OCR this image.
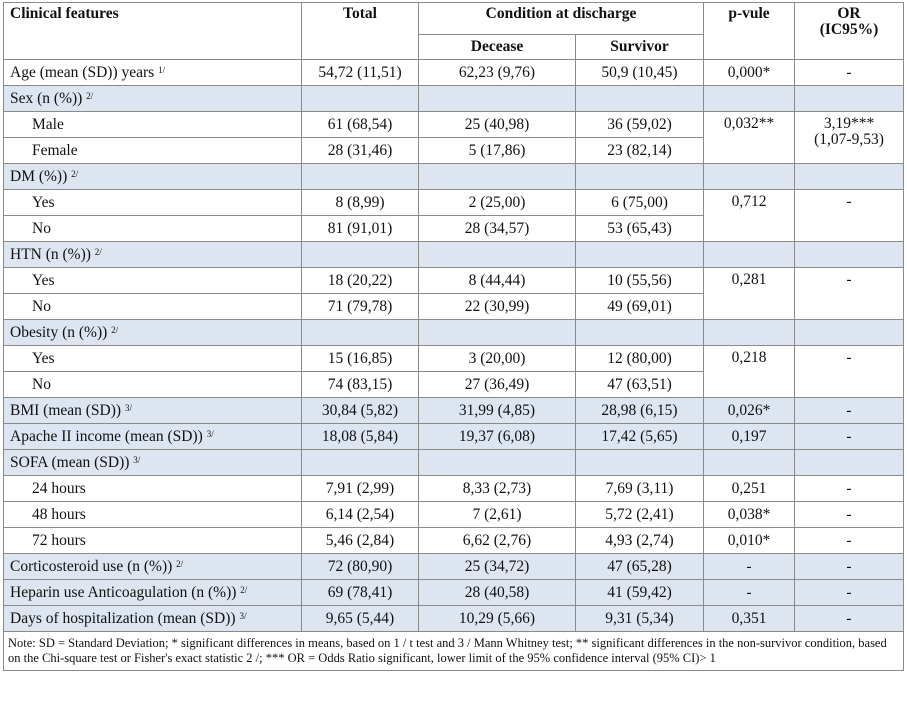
Clinical features	Total	Condition at discharge		p-vule	OR
(IC95%)
		Decease	Survivor		
Age (mean (SD)) years $^{1/}$	54,72 (11,51)	62,23 (9,76)	50,9 (10,45)	0,000*	-
Sex (n (%)) $^{2/}$					
Male	61 (68,54)	25 (40,98)	36 (59,02)	0,032**	3,19***
(1,07-9,53)
Female	28 (31,46)	5 (17,86)	23 (82,14)		
DM (%)) $^{2/}$					
Yes	8 (8,99)	2 (25,00)	6 (75,00)	0,712	-
No	81 (91,01)	28 (34,57)	53 (65,43)		
HTN (n (%)) $^{2/}$					
Yes	18 (20,22)	8 (44,44)	10 (55,56)	0,281	-
No	71 (79,78)	22 (30,99)	49 (69,01)		
Obesity (n (%)) $^{2/}$					
Yes	15 (16,85)	3 (20,00)	12 (80,00)	0,218	-
No	74 (83,15)	27 (36,49)	47 (63,51)		
BMI (mean (SD)) $^{3/}$	30,84 (5,82)	31,99 (4,85)	28,98 (6,15)	0,026*	-
Apache II income (mean (SD)) $^{3/}$	18,08 (5,84)	19,37 (6,08)	17,42 (5,65)	0,197	-
SOFA (mean (SD)) $^{3/}$					
24 hours	7,91 (2,99)	8,33 (2,73)	7,69 (3,11)	0,251	-
48 hours	6,14 (2,54)	7 (2,61)	5,72 (2,41)	0,038*	-
72 hours	5,46 (2,84)	6,62 (2,76)	4,93 (2,74)	0,010*	-
Corticosteroid use (n (%)) $^{2/}$	72 (80,90)	25 (34,72)	47 (65,28)	-	-
Heparin use Anticoagulation (n (%)) $^{2/}$	69 (78,41)	28 (40,58)	41 (59,42)	-	-
Days of hospitalization (mean (SD)) $^{3/}$	9,65 (5,44)	10,29 (5,66)	9,31 (5,34)	0,351	-
Note: SD = Standard Deviation; * significant differences in means, based on 1 / t test and 3 / Mann Whitney test; ** significant differences in the non-survivor condition, based on the Chi-square test or Fisher's exact statistic 2 /; *** OR = Odds Ratio significant, lower limit of the 95% confidence interval (95% CI)> 1					
